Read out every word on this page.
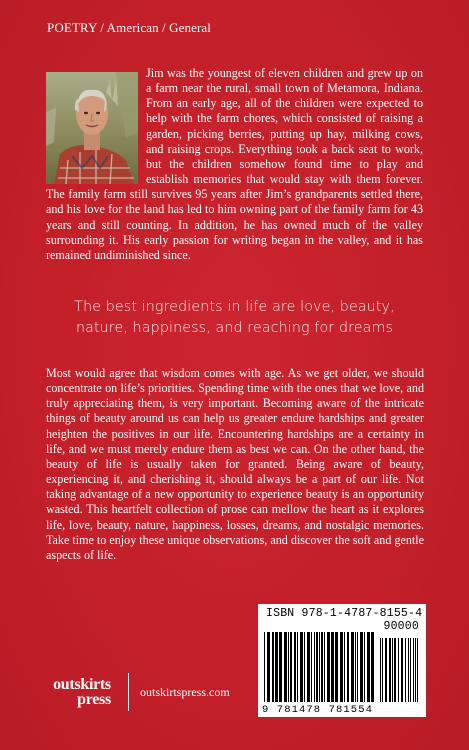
POETRY / American / General
Jim was the youngest of eleven children and grew up on a farm near the rural, small town of Metamora, Indiana. From an early age, all of the children were expected to help with the farm chores, which consisted of raising a garden, picking berries, putting up hay, milking cows, and raising crops. Everything took a back seat to work, but the children somehow found time to play and establish memories that would stay with them forever. The family farm still survives 95 years after Jim’s grandparents settled there, and his love for the land has led to him owning part of the family farm for 43 years and still counting. In addition, he has owned much of the valley surrounding it. His early passion for writing began in the valley, and it has remained undiminished since.
The best ingredients in life are love, beauty,
nature, happiness, and reaching for dreams
Most would agree that wisdom comes with age. As we get older, we should concentrate on life’s priorities. Spending time with the ones that we love, and truly appreciating them, is very important. Becoming aware of the intricate things of beauty around us can help us greater endure hardships and greater heighten the positives in our life. Encountering hardships are a certainty in life, and we must merely endure them as best we can. On the other hand, the beauty of life is usually taken for granted. Being aware of beauty, experiencing it, and cherishing it, should always be a part of our life. Not taking advantage of a new opportunity to experience beauty is an opportunity wasted. This heartfelt collection of prose can mellow the heart as it explores life, love, beauty, nature, happiness, losses, dreams, and nostalgic memories. Take time to enjoy these unique observations, and discover the soft and gentle aspects of life.
ISBN 978-1-4787-8155-4
90000
9 781478 781554
outskirts
press	outskirtspress.com
